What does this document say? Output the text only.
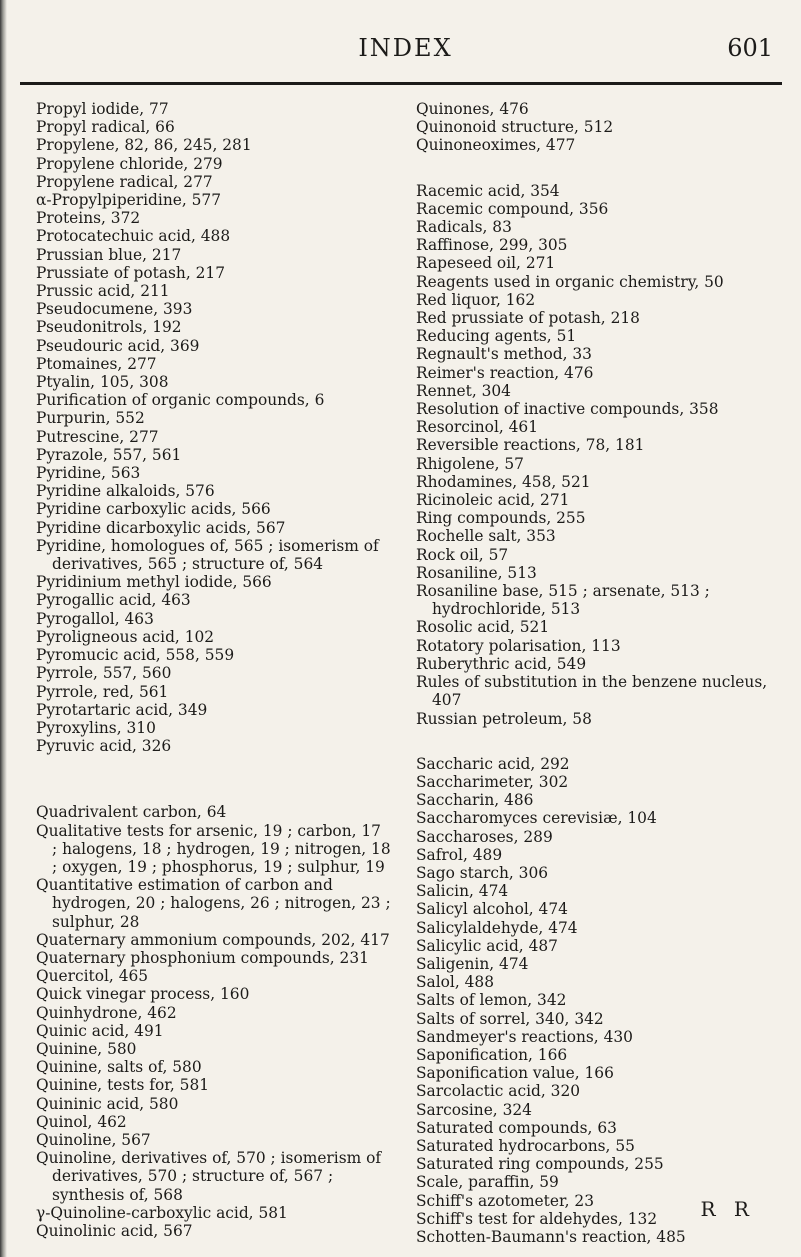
INDEX	601

Propyl iodide, 77

Propyl radical, 66

Propylene, 82, 86, 245, 281

Propylene chloride, 279

Propylene radical, 277

α-Propylpiperidine, 577

Proteins, 372

Protocatechuic acid, 488

Prussian blue, 217

Prussiate of potash, 217

Prussic acid, 211

Pseudocumene, 393

Pseudonitrols, 192

Pseudouric acid, 369

Ptomaines, 277

Ptyalin, 105, 308

Purification of organic compounds, 6

Purpurin, 552

Putrescine, 277

Pyrazole, 557, 561

Pyridine, 563

Pyridine alkaloids, 576

Pyridine carboxylic acids, 566

Pyridine dicarboxylic acids, 567

Pyridine, homologues of, 565 ; isomerism of derivatives, 565 ; structure of, 564

Pyridinium methyl iodide, 566

Pyrogallic acid, 463

Pyrogallol, 463

Pyroligneous acid, 102

Pyromucic acid, 558, 559

Pyrrole, 557, 560

Pyrrole, red, 561

Pyrotartaric acid, 349

Pyroxylins, 310

Pyruvic acid, 326

Quadrivalent carbon, 64

Qualitative tests for arsenic, 19 ; carbon, 17 ; halogens, 18 ; hydrogen, 19 ; nitrogen, 18 ; oxygen, 19 ; phosphorus, 19 ; sulphur, 19

Quantitative estimation of carbon and hydrogen, 20 ; halogens, 26 ; nitrogen, 23 ; sulphur, 28

Quaternary ammonium compounds, 202, 417

Quaternary phosphonium compounds, 231

Quercitol, 465

Quick vinegar process, 160

Quinhydrone, 462

Quinic acid, 491

Quinine, 580

Quinine, salts of, 580

Quinine, tests for, 581

Quininic acid, 580

Quinol, 462

Quinoline, 567

Quinoline, derivatives of, 570 ; isomerism of derivatives, 570 ; structure of, 567 ; synthesis of, 568

γ-Quinoline-carboxylic acid, 581

Quinolinic acid, 567

Quinones, 476

Quinonoid structure, 512

Quinoneoximes, 477

Racemic acid, 354

Racemic compound, 356

Radicals, 83

Raffinose, 299, 305

Rapeseed oil, 271

Reagents used in organic chemistry, 50

Red liquor, 162

Red prussiate of potash, 218

Reducing agents, 51

Regnault's method, 33

Reimer's reaction, 476

Rennet, 304

Resolution of inactive compounds, 358

Resorcinol, 461

Reversible reactions, 78, 181

Rhigolene, 57

Rhodamines, 458, 521

Ricinoleic acid, 271

Ring compounds, 255

Rochelle salt, 353

Rock oil, 57

Rosaniline, 513

Rosaniline base, 515 ; arsenate, 513 ; hydrochloride, 513

Rosolic acid, 521

Rotatory polarisation, 113

Ruberythric acid, 549

Rules of substitution in the benzene nucleus, 407

Russian petroleum, 58

Saccharic acid, 292

Saccharimeter, 302

Saccharin, 486

Saccharomyces cerevisiæ, 104

Saccharoses, 289

Safrol, 489

Sago starch, 306

Salicin, 474

Salicyl alcohol, 474

Salicylaldehyde, 474

Salicylic acid, 487

Saligenin, 474

Salol, 488

Salts of lemon, 342

Salts of sorrel, 340, 342

Sandmeyer's reactions, 430

Saponification, 166

Saponification value, 166

Sarcolactic acid, 320

Sarcosine, 324

Saturated compounds, 63

Saturated hydrocarbons, 55

Saturated ring compounds, 255

Scale, paraffin, 59

Schiff's azotometer, 23

Schiff's test for aldehydes, 132

Schotten-Baumann's reaction, 485

R R
